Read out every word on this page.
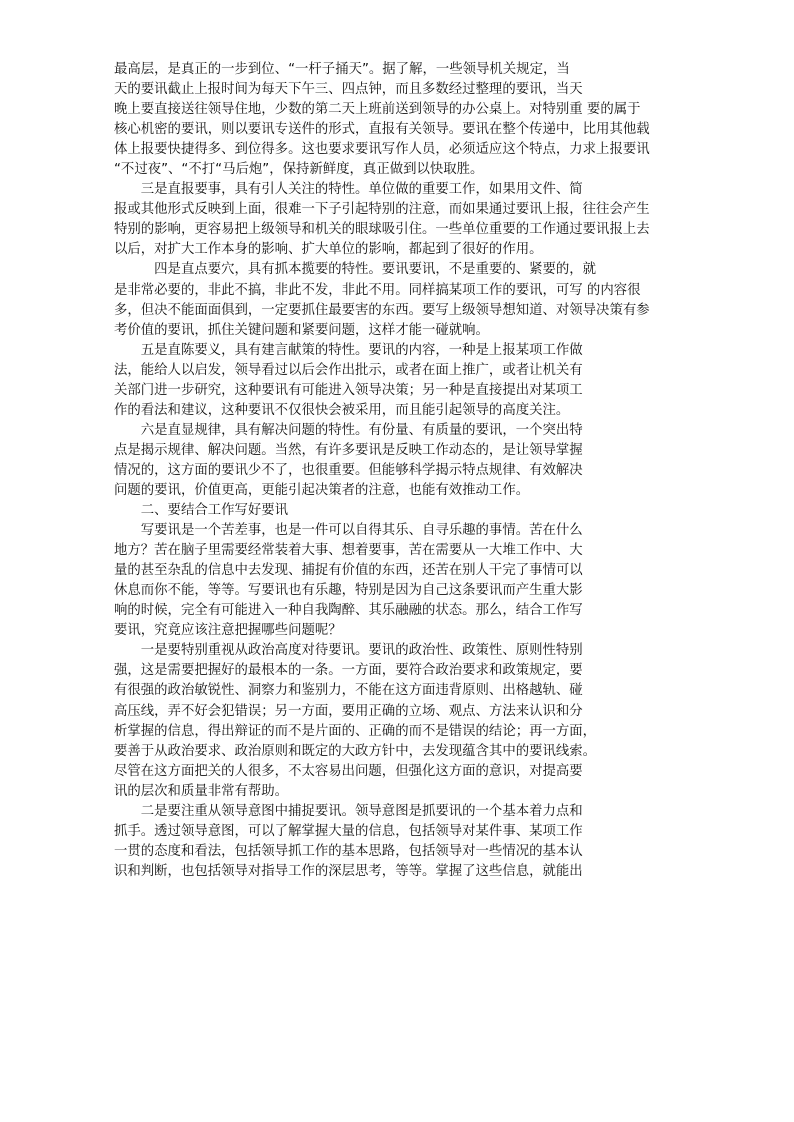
最高层，是真正的一步到位、“一杆子捅天”。据了解，一些领导机关规定，当
天的要讯截止上报时间为每天下午三、四点钟，而且多数经过整理的要讯，当天
晚上要直接送往领导住地，少数的第二天上班前送到领导的办公桌上。对特别重 要的属于
核心机密的要讯，则以要讯专送件的形式，直报有关领导。要讯在整个传递中，比用其他载
体上报要快捷得多、到位得多。这也要求要讯写作人员，必须适应这个特点，力求上报要讯
“不过夜”、“不打“马后炮”，保持新鲜度，真正做到以快取胜。
　　三是直报要事，具有引人关注的特性。单位做的重要工作，如果用文件、简
报或其他形式反映到上面，很难一下子引起特别的注意，而如果通过要讯上报，往往会产生
特别的影响，更容易把上级领导和机关的眼球吸引住。一些单位重要的工作通过要讯报上去
以后，对扩大工作本身的影响、扩大单位的影响，都起到了很好的作用。
　　　四是直点要穴，具有抓本揽要的特性。要讯要讯，不是重要的、紧要的，就
是非常必要的，非此不搞，非此不发，非此不用。同样搞某项工作的要讯，可写 的内容很
多，但决不能面面俱到，一定要抓住最要害的东西。要写上级领导想知道、对领导决策有参
考价值的要讯，抓住关键问题和紧要问题，这样才能一碰就响。
　　五是直陈要义，具有建言献策的特性。要讯的内容，一种是上报某项工作做
法，能给人以启发，领导看过以后会作出批示，或者在面上推广，或者让机关有
关部门进一步研究，这种要讯有可能进入领导决策；另一种是直接提出对某项工
作的看法和建议，这种要讯不仅很快会被采用，而且能引起领导的高度关注。
　　六是直显规律，具有解决问题的特性。有份量、有质量的要讯，一个突出特
点是揭示规律、解决问题。当然，有许多要讯是反映工作动态的，是让领导掌握
情况的，这方面的要讯少不了，也很重要。但能够科学揭示特点规律、有效解决
问题的要讯，价值更高，更能引起决策者的注意，也能有效推动工作。
　　二、要结合工作写好要讯
　　写要讯是一个苦差事，也是一件可以自得其乐、自寻乐趣的事情。苦在什么
地方？苦在脑子里需要经常装着大事、想着要事，苦在需要从一大堆工作中、大
量的甚至杂乱的信息中去发现、捕捉有价值的东西，还苦在别人干完了事情可以
休息而你不能，等等。写要讯也有乐趣，特别是因为自己这条要讯而产生重大影
响的时候，完全有可能进入一种自我陶醉、其乐融融的状态。那么，结合工作写
要讯，究竟应该注意把握哪些问题呢？
　　一是要特别重视从政治高度对待要讯。要讯的政治性、政策性、原则性特别
强，这是需要把握好的最根本的一条。一方面，要符合政治要求和政策规定，要
有很强的政治敏锐性、洞察力和鉴别力，不能在这方面违背原则、出格越轨、碰
高压线，弄不好会犯错误；另一方面，要用正确的立场、观点、方法来认识和分
析掌握的信息，得出辩证的而不是片面的、正确的而不是错误的结论；再一方面，
要善于从政治要求、政治原则和既定的大政方针中，去发现蕴含其中的要讯线索。
尽管在这方面把关的人很多，不太容易出问题，但强化这方面的意识，对提高要
讯的层次和质量非常有帮助。
　　二是要注重从领导意图中捕捉要讯。领导意图是抓要讯的一个基本着力点和
抓手。透过领导意图，可以了解掌握大量的信息，包括领导对某件事、某项工作
一贯的态度和看法，包括领导抓工作的基本思路，包括领导对一些情况的基本认
识和判断，也包括领导对指导工作的深层思考，等等。掌握了这些信息，就能出
